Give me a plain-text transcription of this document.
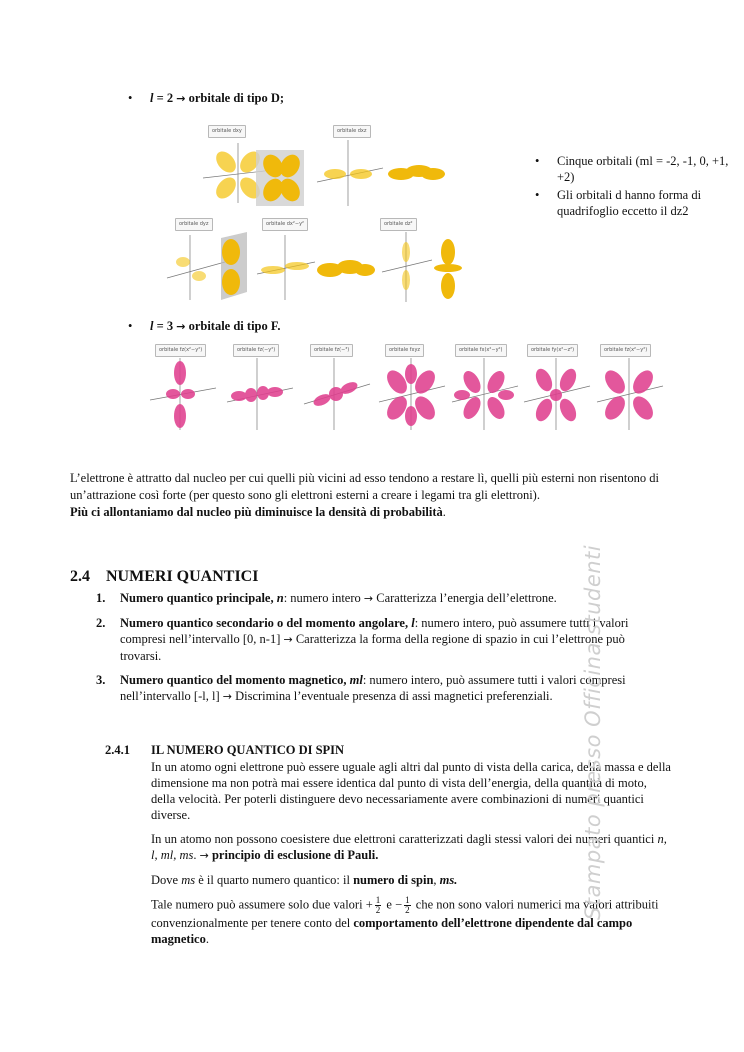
• l = 2 → orbitale di tipo D;
orbitale dxy	orbitale dxz
orbitale dyz	orbitale dx²−y²	orbitale dz²
• Cinque orbitali (ml = -2, -1, 0, +1, +2)
• Gli orbitali d hanno forma di quadrifoglio eccetto il dz2
• l = 3 → orbitale di tipo F.
orbitale fz(x²−y²)	orbitale fz(−y²)	orbitale fz(−³)	orbitale fxyz	orbitale fx(x²−y²)	orbitale fy(x²−z²)	orbitale fz(x²−y²)
L’elettrone è attratto dal nucleo per cui quelli più vicini ad esso tendono a restare lì, quelli più esterni non risentono di un’attrazione così forte (per questo sono gli elettroni esterni a creare i legami tra gli elettroni).
Più ci allontaniamo dal nucleo più diminuisce la densità di probabilità.
2.4 NUMERI QUANTICI
1. Numero quantico principale, n: numero intero → Caratterizza l’energia dell’elettrone.
2. Numero quantico secondario o del momento angolare, l: numero intero, può assumere tutti i valori compresi nell’intervallo [0, n-1] → Caratterizza la forma della regione di spazio in cui l’elettrone può trovarsi.
3. Numero quantico del momento magnetico, ml: numero intero, può assumere tutti i valori compresi nell’intervallo [-l, l] → Discrimina l’eventuale presenza di assi magnetici preferenziali.
2.4.1 IL NUMERO QUANTICO DI SPIN

In un atomo ogni elettrone può essere uguale agli altri dal punto di vista della carica, della massa e della dimensione ma non potrà mai essere identica dal punto di vista dell’energia, della quantità di moto, della velocità. Per poterli distinguere devo necessariamente avere combinazioni di numeri quantici diverse.

In un atomo non possono coesistere due elettroni caratterizzati dagli stessi valori dei numeri quantici n, l, ml, ms. → principio di esclusione di Pauli.

Dove ms è il quarto numero quantico: il numero di spin, ms.

Tale numero può assumere solo due valori + $\frac{1}{2}$ $e - \frac{1}{2}$ che non sono valori numerici ma valori attribuiti convenzionalmente per tenere conto del comportamento dell’elettrone dipendente dal campo magnetico.

Stampato presso Officina studenti
